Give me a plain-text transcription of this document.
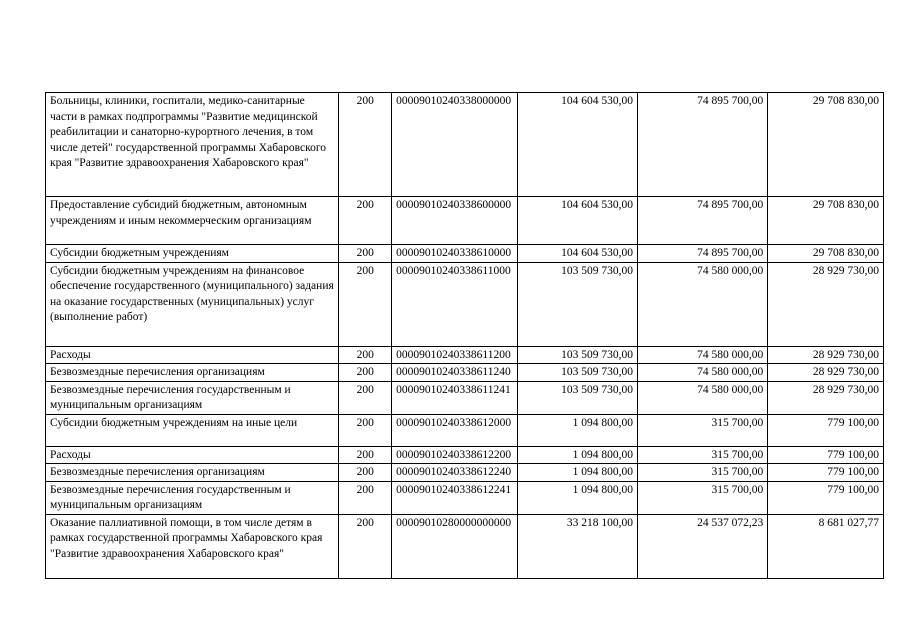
Больницы, клиники, госпитали, медико-санитарные части в рамках подпрограммы "Развитие медицинской реабилитации и санаторно-курортного лечения, в том числе детей" государственной программы Хабаровского края "Развитие здравоохранения Хабаровского края"	200	00009010240338000000	104 604 530,00	74 895 700,00	29 708 830,00
Предоставление субсидий бюджетным, автономным учреждениям и иным некоммерческим организациям	200	00009010240338600000	104 604 530,00	74 895 700,00	29 708 830,00
Субсидии бюджетным учреждениям	200	00009010240338610000	104 604 530,00	74 895 700,00	29 708 830,00
Субсидии бюджетным учреждениям на финансовое обеспечение государственного (муниципального) задания на оказание государственных (муниципальных) услуг (выполнение работ)	200	00009010240338611000	103 509 730,00	74 580 000,00	28 929 730,00
Расходы	200	00009010240338611200	103 509 730,00	74 580 000,00	28 929 730,00
Безвозмездные перечисления организациям	200	00009010240338611240	103 509 730,00	74 580 000,00	28 929 730,00
Безвозмездные перечисления государственным и муниципальным организациям	200	00009010240338611241	103 509 730,00	74 580 000,00	28 929 730,00
Субсидии бюджетным учреждениям на иные цели	200	00009010240338612000	1 094 800,00	315 700,00	779 100,00
Расходы	200	00009010240338612200	1 094 800,00	315 700,00	779 100,00
Безвозмездные перечисления организациям	200	00009010240338612240	1 094 800,00	315 700,00	779 100,00
Безвозмездные перечисления государственным и муниципальным организациям	200	00009010240338612241	1 094 800,00	315 700,00	779 100,00
Оказание паллиативной помощи, в том числе детям в рамках государственной программы Хабаровского края "Развитие здравоохранения Хабаровского края"	200	00009010280000000000	33 218 100,00	24 537 072,23	8 681 027,77
